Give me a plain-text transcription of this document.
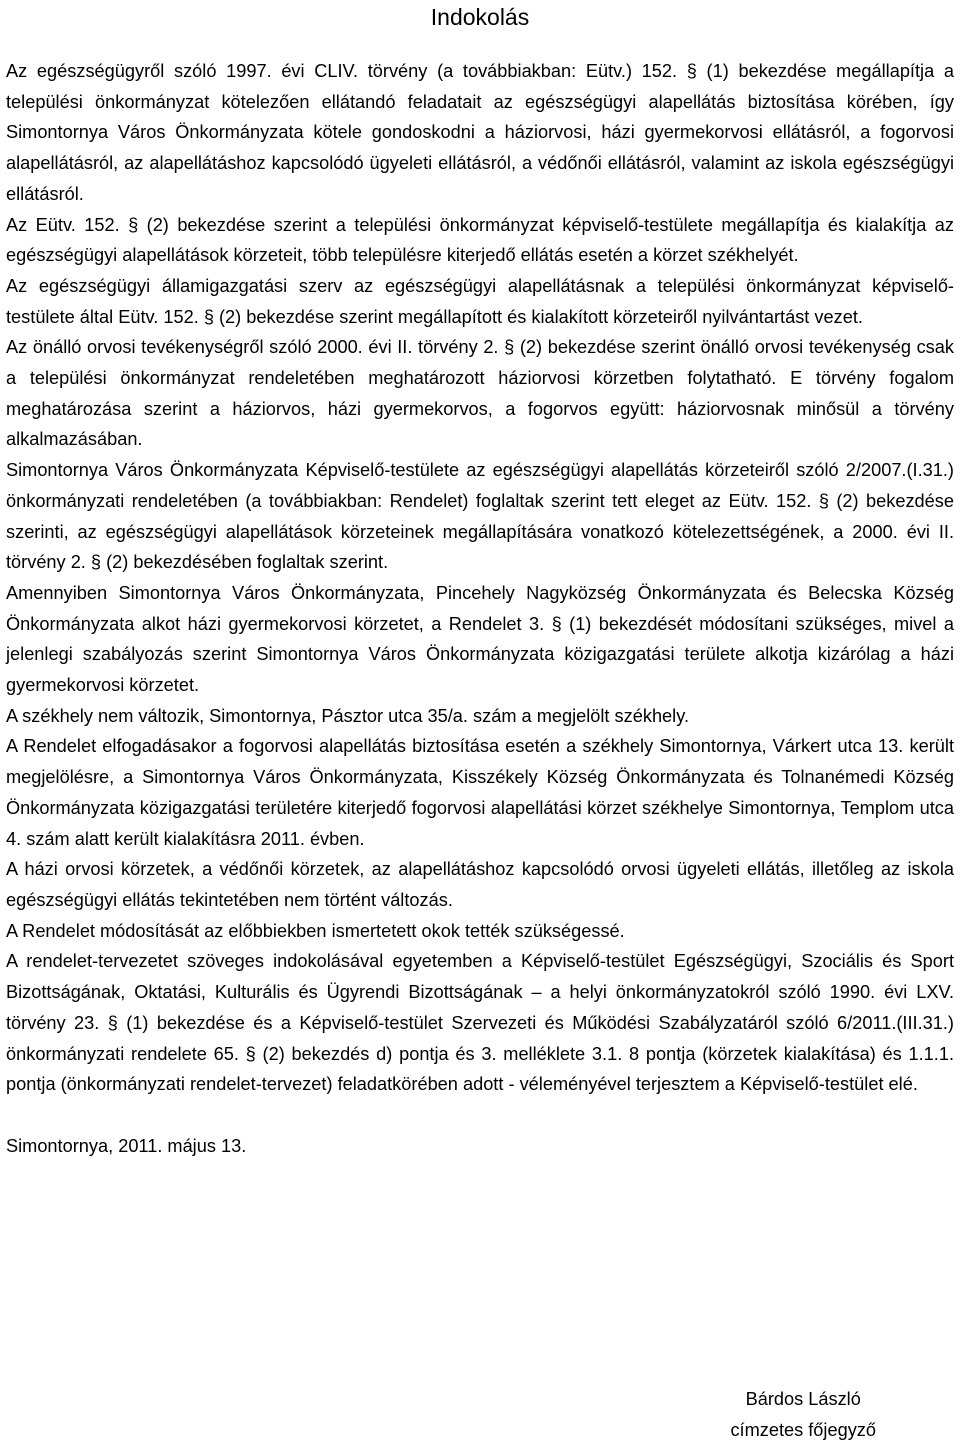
Indokolás

Az egészségügyről szóló 1997. évi CLIV. törvény (a továbbiakban: Eütv.) 152. § (1) bekezdése megállapítja a települési önkormányzat kötelezően ellátandó feladatait az egészségügyi alapellátás biztosítása körében, így Simontornya Város Önkormányzata kötele gondoskodni a háziorvosi, házi gyermekorvosi ellátásról, a fogorvosi alapellátásról, az alapellátáshoz kapcsolódó ügyeleti ellátásról, a védőnői ellátásról, valamint az iskola egészségügyi ellátásról.

Az Eütv. 152. § (2) bekezdése szerint a települési önkormányzat képviselő-testülete megállapítja és kialakítja az egészségügyi alapellátások körzeteit, több településre kiterjedő ellátás esetén a körzet székhelyét.

Az egészségügyi államigazgatási szerv az egészségügyi alapellátásnak a települési önkormányzat képviselő-testülete által Eütv. 152. § (2) bekezdése szerint megállapított és kialakított körzeteiről nyilvántartást vezet.

Az önálló orvosi tevékenységről szóló 2000. évi II. törvény 2. § (2) bekezdése szerint önálló orvosi tevékenység csak a települési önkormányzat rendeletében meghatározott háziorvosi körzetben folytatható. E törvény fogalom meghatározása szerint a háziorvos, házi gyermekorvos, a fogorvos együtt: háziorvosnak minősül a törvény alkalmazásában.

Simontornya Város Önkormányzata Képviselő-testülete az egészségügyi alapellátás körzeteiről szóló 2/2007.(I.31.) önkormányzati rendeletében (a továbbiakban: Rendelet) foglaltak szerint tett eleget az Eütv. 152. § (2) bekezdése szerinti, az egészségügyi alapellátások körzeteinek megállapítására vonatkozó kötelezettségének, a 2000. évi II. törvény 2. § (2) bekezdésében foglaltak szerint.

Amennyiben Simontornya Város Önkormányzata, Pincehely Nagyközség Önkormányzata és Belecska Község Önkormányzata alkot házi gyermekorvosi körzetet, a Rendelet 3. § (1) bekezdését módosítani szükséges, mivel a jelenlegi szabályozás szerint Simontornya Város Önkormányzata közigazgatási területe alkotja kizárólag a házi gyermekorvosi körzetet.

A székhely nem változik, Simontornya, Pásztor utca 35/a. szám a megjelölt székhely.

A Rendelet elfogadásakor a fogorvosi alapellátás biztosítása esetén a székhely Simontornya, Várkert utca 13. került megjelölésre, a Simontornya Város Önkormányzata, Kisszékely Község Önkormányzata és Tolnanémedi Község Önkormányzata közigazgatási területére kiterjedő fogorvosi alapellátási körzet székhelye Simontornya, Templom utca 4. szám alatt került kialakításra 2011. évben.

A házi orvosi körzetek, a védőnői körzetek, az alapellátáshoz kapcsolódó orvosi ügyeleti ellátás, illetőleg az iskola egészségügyi ellátás tekintetében nem történt változás.

A Rendelet módosítását az előbbiekben ismertetett okok tették szükségessé.

A rendelet-tervezetet szöveges indokolásával egyetemben a Képviselő-testület Egészségügyi, Szociális és Sport Bizottságának, Oktatási, Kulturális és Ügyrendi Bizottságának – a helyi önkormányzatokról szóló 1990. évi LXV. törvény 23. § (1) bekezdése és a Képviselő-testület Szervezeti és Működési Szabályzatáról szóló 6/2011.(III.31.) önkormányzati rendelete 65. § (2) bekezdés d) pontja és 3. melléklete 3.1. 8 pontja (körzetek kialakítása) és 1.1.1. pontja (önkormányzati rendelet-tervezet) feladatkörében adott - véleményével terjesztem a Képviselő-testület elé.

Simontornya, 2011. május 13.

Bárdos László
címzetes főjegyző
